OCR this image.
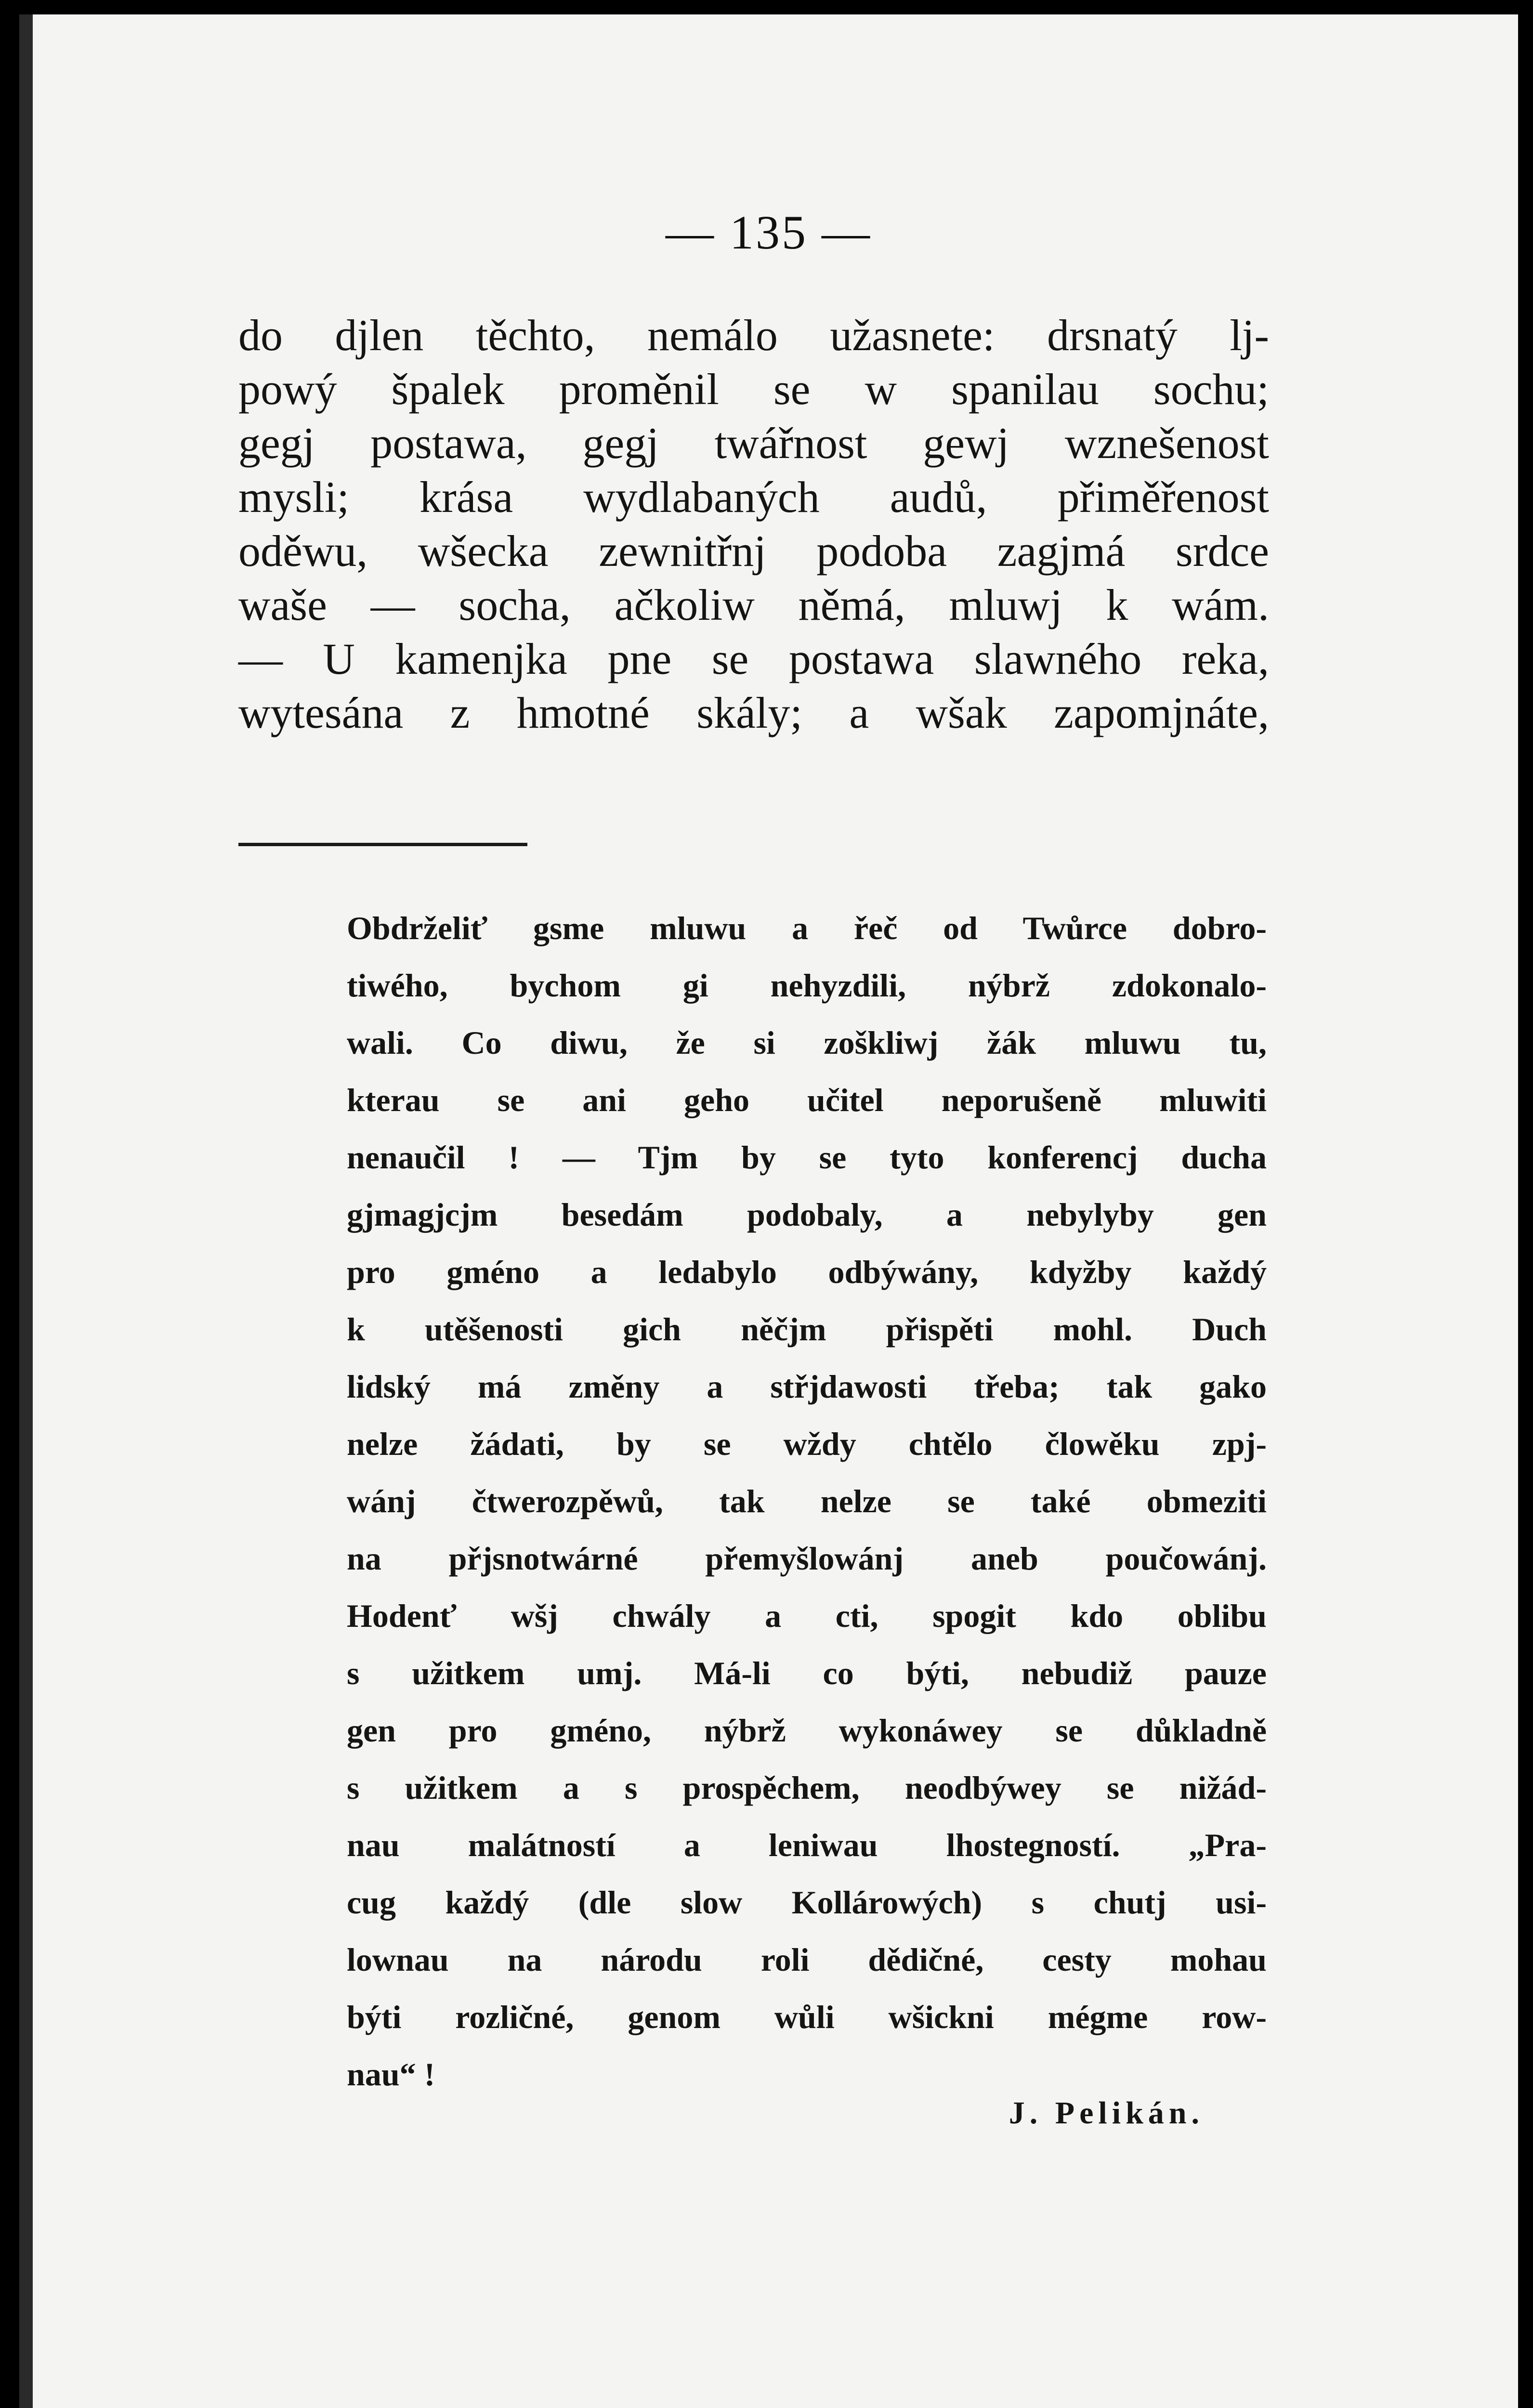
— 135 —
do djlen těchto, nemálo užasnete: drsnatý lj-
powý špalek proměnil se w spanilau sochu;
gegj postawa, gegj twářnost gewj wznešenost
mysli; krása wydlabaných audů, přiměřenost
oděwu, wšecka zewnitřnj podoba zagjmá srdce
waše — socha, ačkoliw němá, mluwj k wám.
— U kamenjka pne se postawa slawného reka,
wytesána z hmotné skály; a wšak zapomjnáte,
Obdrželiť gsme mluwu a řeč od Twůrce dobro-
tiwého, bychom gi nehyzdili, nýbrž zdokonalo-
wali. Co diwu, že si zoškliwj žák mluwu tu,
kterau se ani geho učitel neporušeně mluwiti
nenaučil ! — Tjm by se tyto konferencj ducha
gjmagjcjm besedám podobaly, a nebylyby gen
pro gméno a ledabylo odbýwány, kdyžby každý
k utěšenosti gich něčjm přispěti mohl. Duch
lidský má změny a střjdawosti třeba; tak gako
nelze žádati, by se wždy chtělo člowěku zpj-
wánj čtwerozpěwů, tak nelze se také obmeziti
na přjsnotwárné přemyšlowánj aneb poučowánj.
Hodenť wšj chwály a cti, spogit kdo oblibu
s užitkem umj. Má-li co býti, nebudiž pauze
gen pro gméno, nýbrž wykonáwey se důkladně
s užitkem a s prospěchem, neodbýwey se nižád-
nau malátností a leniwau lhostegností. „Pra-
cug každý (dle slow Kollárowých) s chutj usi-
lownau na národu roli dědičné, cesty mohau
býti rozličné, genom wůli wšickni mégme row-
nau“ !
J. Pelikán.
